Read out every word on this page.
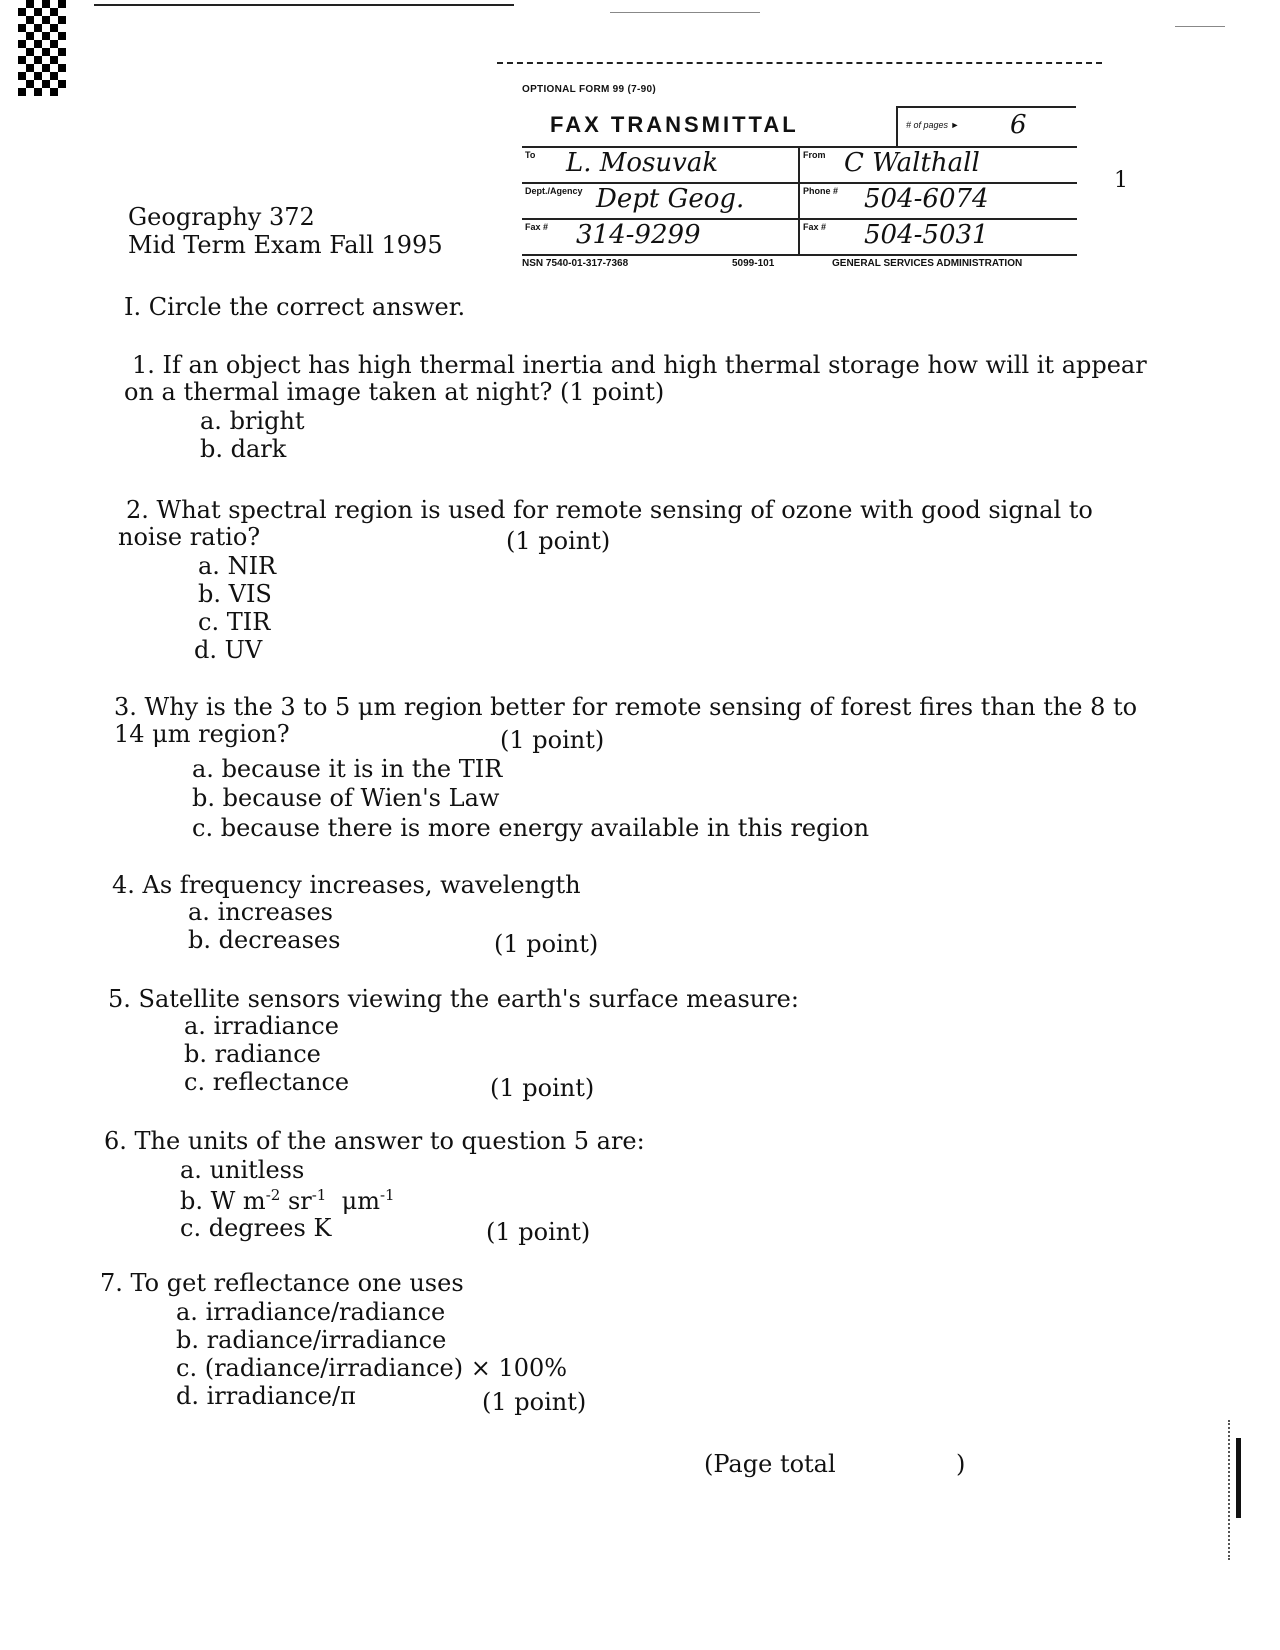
OPTIONAL FORM 99 (7-90)
FAX TRANSMITTAL	# of pages ► 6
To L. Mosuvak	From C Walthall
Dept./Agency Dept Geog.	Phone # 504-6074
Fax # 314-9299	Fax # 504-5031
NSN 7540-01-317-7368	5099-101	GENERAL SERVICES ADMINISTRATION
1
Geography 372
Mid Term Exam Fall 1995
I. Circle the correct answer.
1. If an object has high thermal inertia and high thermal storage how will it appear
on a thermal image taken at night? (1 point)
a. bright
b. dark
2. What spectral region is used for remote sensing of ozone with good signal to
noise ratio?	(1 point)
a. NIR
b. VIS
c. TIR
d. UV
3. Why is the 3 to 5 μm region better for remote sensing of forest fires than the 8 to
14 μm region?	(1 point)
a. because it is in the TIR
b. because of Wien's Law
c. because there is more energy available in this region
4. As frequency increases, wavelength
a. increases
b. decreases	(1 point)
5. Satellite sensors viewing the earth's surface measure:
a. irradiance
b. radiance
c. reflectance	(1 point)
6. The units of the answer to question 5 are:
a. unitless
b. W $m^{-2}$ $sr^{-1}$  $\mu m^{-1}$
c. degrees K	(1 point)
7. To get reflectance one uses
a. irradiance/radiance
b. radiance/irradiance
c. (radiance/irradiance) × 100%
d. irradiance/π	(1 point)
(Page total	)
